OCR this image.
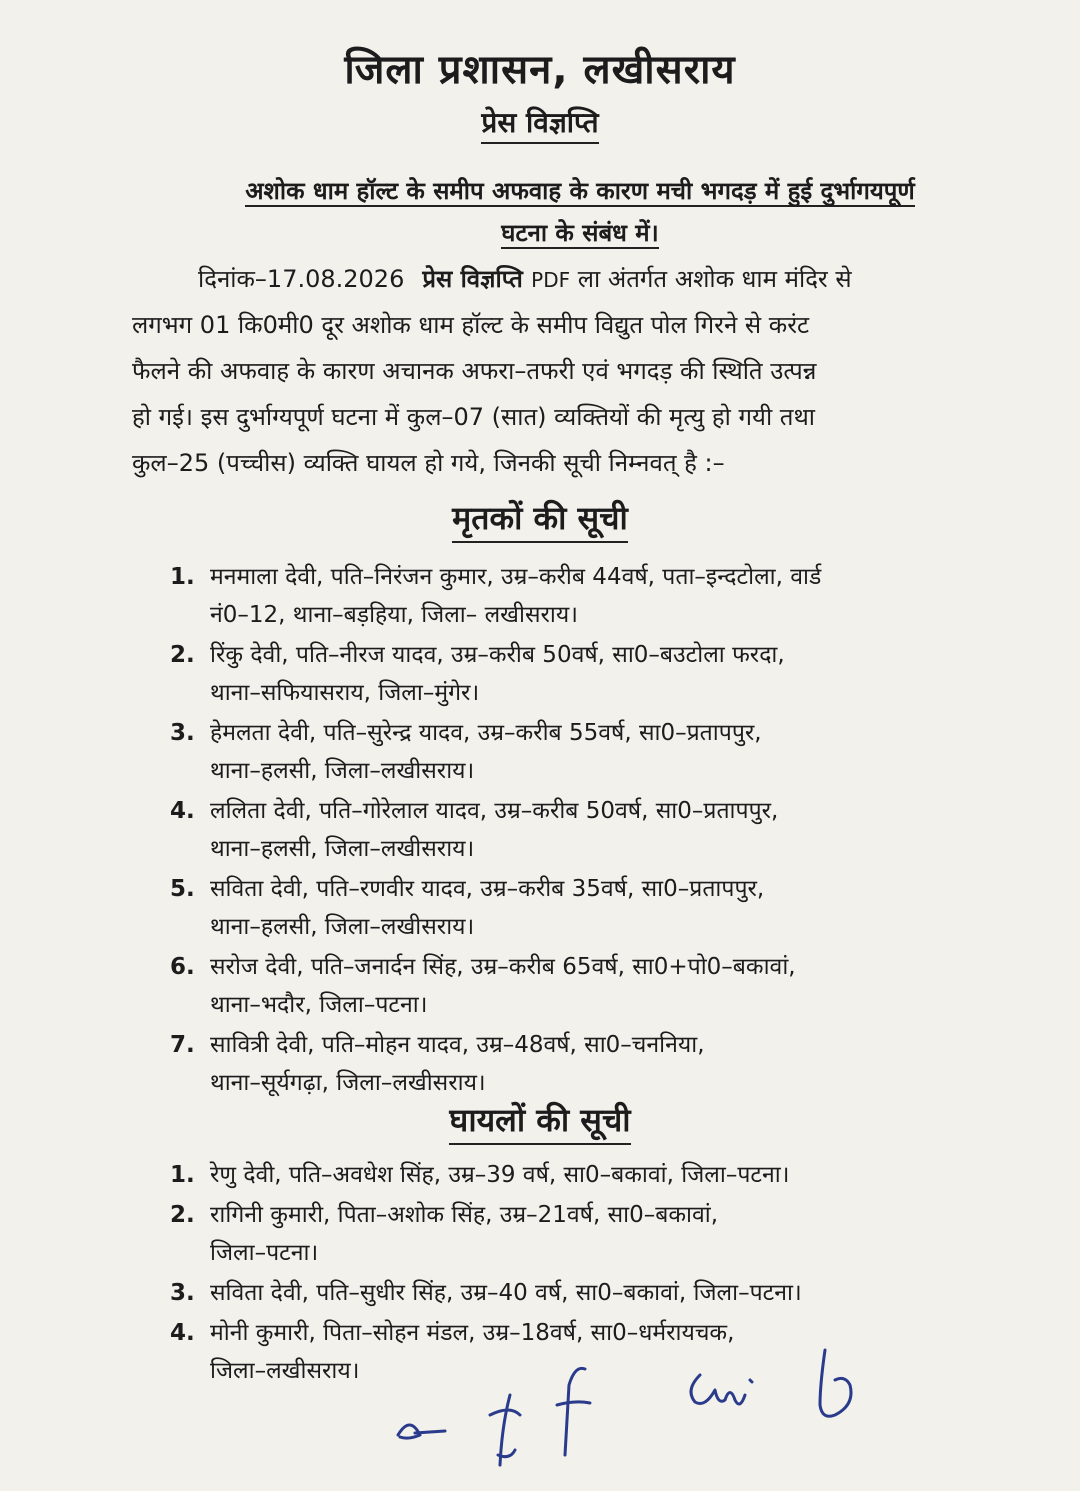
जिला प्रशासन, लखीसराय
प्रेस विज्ञप्ति
अशोक धाम हॉल्ट के समीप अफवाह के कारण मची भगदड़ में हुई दुर्भागयपूर्ण
घटना के संबंध में।
दिनांक–17.08.2026 प्रेस विज्ञप्ति PDF ला अंतर्गत अशोक धाम मंदिर से
लगभग 01 कि0मी0 दूर अशोक धाम हॉल्ट के समीप विद्युत पोल गिरने से करंट
फैलने की अफवाह के कारण अचानक अफरा–तफरी एवं भगदड़ की स्थिति उत्पन्न
हो गई। इस दुर्भाग्यपूर्ण घटना में कुल–07 (सात) व्यक्तियों की मृत्यु हो गयी तथा
कुल–25 (पच्चीस) व्यक्ति घायल हो गये, जिनकी सूची निम्नवत् है :–
मृतकों की सूची
1. मनमाला देवी, पति–निरंजन कुमार, उम्र–करीब 44वर्ष, पता–इन्दटोला, वार्ड
नं0–12, थाना–बड़हिया, जिला– लखीसराय।
2. रिंकु देवी, पति–नीरज यादव, उम्र–करीब 50वर्ष, सा0–बउटोला फरदा,
थाना–सफियासराय, जिला–मुंगेर।
3. हेमलता देवी, पति–सुरेन्द्र यादव, उम्र–करीब 55वर्ष, सा0–प्रतापपुर,
थाना–हलसी, जिला–लखीसराय।
4. ललिता देवी, पति–गोरेलाल यादव, उम्र–करीब 50वर्ष, सा0–प्रतापपुर,
थाना–हलसी, जिला–लखीसराय।
5. सविता देवी, पति–रणवीर यादव, उम्र–करीब 35वर्ष, सा0–प्रतापपुर,
थाना–हलसी, जिला–लखीसराय।
6. सरोज देवी, पति–जनार्दन सिंह, उम्र–करीब 65वर्ष, सा0+पो0–बकावां,
थाना–भदौर, जिला–पटना।
7. सावित्री देवी, पति–मोहन यादव, उम्र–48वर्ष, सा0–चननिया,
थाना–सूर्यगढ़ा, जिला–लखीसराय।
घायलों की सूची
1. रेणु देवी, पति–अवधेश सिंह, उम्र–39 वर्ष, सा0–बकावां, जिला–पटना।
2. रागिनी कुमारी, पिता–अशोक सिंह, उम्र–21वर्ष, सा0–बकावां,
जिला–पटना।
3. सविता देवी, पति–सुधीर सिंह, उम्र–40 वर्ष, सा0–बकावां, जिला–पटना।
4. मोनी कुमारी, पिता–सोहन मंडल, उम्र–18वर्ष, सा0–धर्मरायचक,
जिला–लखीसराय।
